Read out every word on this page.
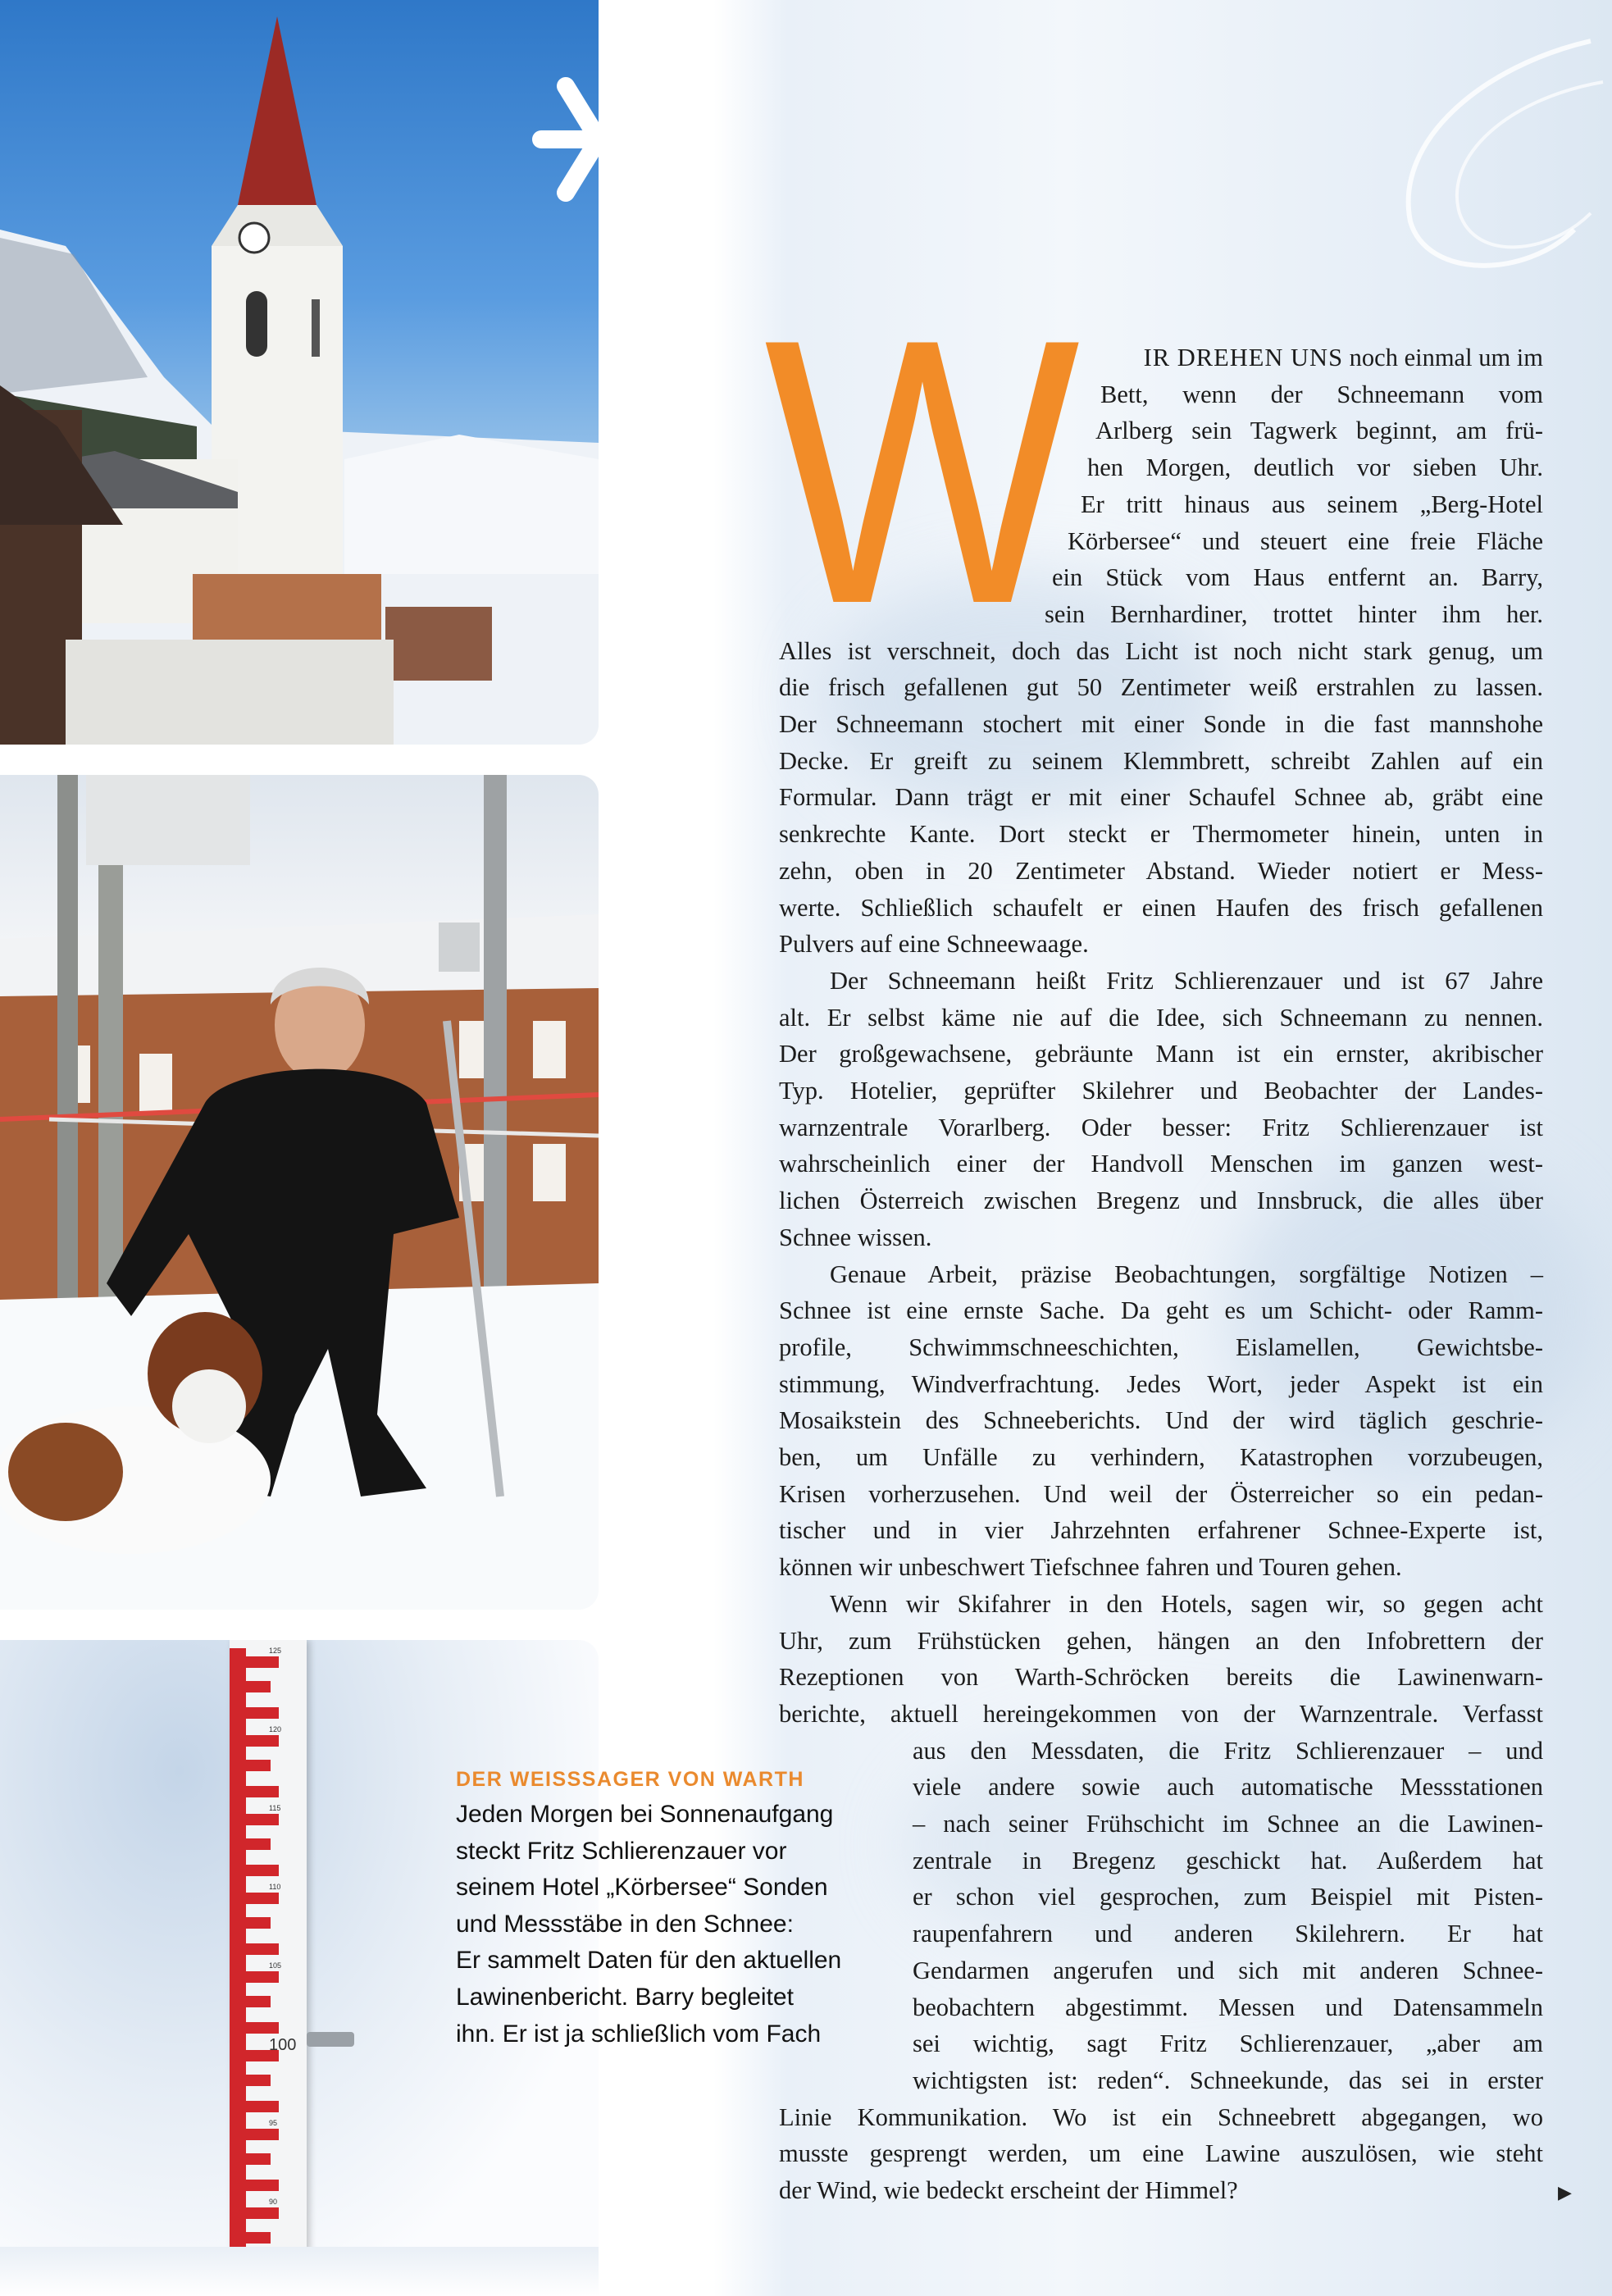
125
120
115
110
105
100
95
90
W	IR DREHEN UNS noch einmal um im
Bett, wenn der Schneemann vom
Arlberg sein Tagwerk beginnt, am frü-
hen Morgen, deutlich vor sieben Uhr.
Er tritt hinaus aus seinem „Berg-Hotel
Körbersee“ und steuert eine freie Fläche
ein Stück vom Haus entfernt an. Barry,
sein Bernhardiner, trottet hinter ihm her.
Alles ist verschneit, doch das Licht ist noch nicht stark genug, um
die frisch gefallenen gut 50 Zentimeter weiß erstrahlen zu lassen.
Der Schneemann stochert mit einer Sonde in die fast mannshohe
Decke. Er greift zu seinem Klemmbrett, schreibt Zahlen auf ein
Formular. Dann trägt er mit einer Schaufel Schnee ab, gräbt eine
senkrechte Kante. Dort steckt er Thermometer hinein, unten in
zehn, oben in 20 Zentimeter Abstand. Wieder notiert er Mess-
werte. Schließlich schaufelt er einen Haufen des frisch gefallenen
Pulvers auf eine Schneewaage.
Der Schneemann heißt Fritz Schlierenzauer und ist 67 Jahre
alt. Er selbst käme nie auf die Idee, sich Schneemann zu nennen.
Der großgewachsene, gebräunte Mann ist ein ernster, akribischer
Typ. Hotelier, geprüfter Skilehrer und Beobachter der Landes-
warnzentrale Vorarlberg. Oder besser: Fritz Schlierenzauer ist
wahrscheinlich einer der Handvoll Menschen im ganzen west-
lichen Österreich zwischen Bregenz und Innsbruck, die alles über
Schnee wissen.
Genaue Arbeit, präzise Beobachtungen, sorgfältige Notizen –
Schnee ist eine ernste Sache. Da geht es um Schicht- oder Ramm-
profile, Schwimmschneeschichten, Eislamellen, Gewichtsbe-
stimmung, Windverfrachtung. Jedes Wort, jeder Aspekt ist ein
Mosaikstein des Schneeberichts. Und der wird täglich geschrie-
ben, um Unfälle zu verhindern, Katastrophen vorzubeugen,
Krisen vorherzusehen. Und weil der Österreicher so ein pedan-
tischer und in vier Jahrzehnten erfahrener Schnee-Experte ist,
können wir unbeschwert Tiefschnee fahren und Touren gehen.
Wenn wir Skifahrer in den Hotels, sagen wir, so gegen acht
Uhr, zum Frühstücken gehen, hängen an den Infobrettern der
Rezeptionen von Warth-Schröcken bereits die Lawinenwarn-
berichte, aktuell hereingekommen von der Warnzentrale. Verfasst
aus den Messdaten, die Fritz Schlierenzauer – und
viele andere sowie auch automatische Messstationen
– nach seiner Frühschicht im Schnee an die Lawinen-
zentrale in Bregenz geschickt hat. Außerdem hat
er schon viel gesprochen, zum Beispiel mit Pisten-
raupenfahrern und anderen Skilehrern. Er hat
Gendarmen angerufen und sich mit anderen Schnee-
beobachtern abgestimmt. Messen und Datensammeln
sei wichtig, sagt Fritz Schlierenzauer, „aber am
wichtigsten ist: reden“. Schneekunde, das sei in erster
Linie Kommunikation. Wo ist ein Schneebrett abgegangen, wo
musste gesprengt werden, um eine Lawine auszulösen, wie steht
der Wind, wie bedeckt erscheint der Himmel?
DER WEISSSAGER VON WARTH
Jeden Morgen bei Sonnenaufgang
steckt Fritz Schlierenzauer vor
seinem Hotel „Körbersee“ Sonden
und Messstäbe in den Schnee:
Er sammelt Daten für den aktuellen
Lawinenbericht. Barry begleitet
ihn. Er ist ja schließlich vom Fach
▶
